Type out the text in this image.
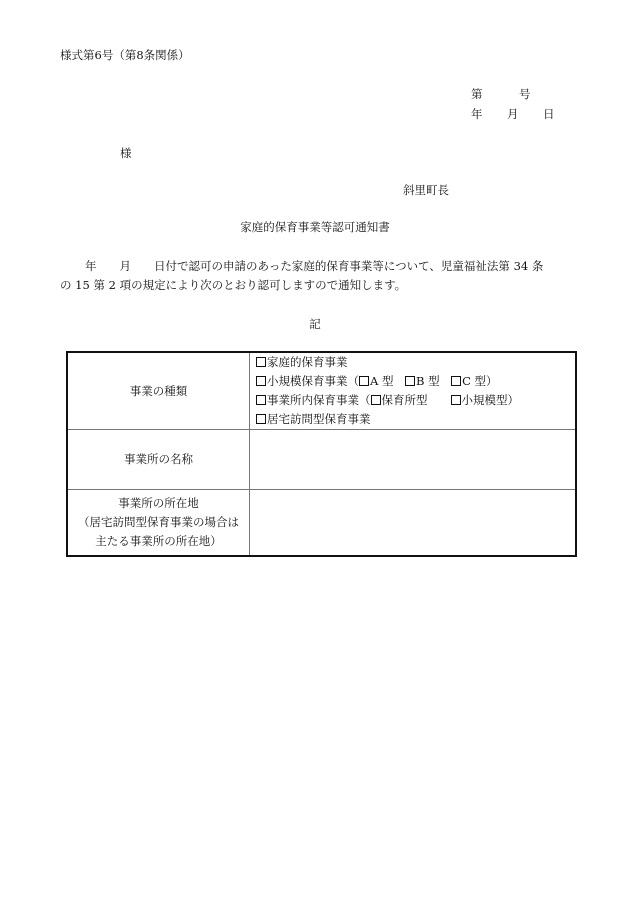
様式第6号（第8条関係）
第	号
年 月 日
様
斜里町長
家庭的保育事業等認可通知書
年　　月　　日付で認可の申請のあった家庭的保育事業等について、児童福祉法第 34 条
の 15 第 2 項の規定により次のとおり認可しますので通知します。
記
事業の種類	家庭的保育事業
小規模保育事業（ A 型　B 型　C 型）
事業所内保育事業（ 保育所型　　小規模型）
居宅訪問型保育事業

事業所の名称	

事業所の所在地
（居宅訪問型保育事業の場合は
主たる事業所の所在地）	
